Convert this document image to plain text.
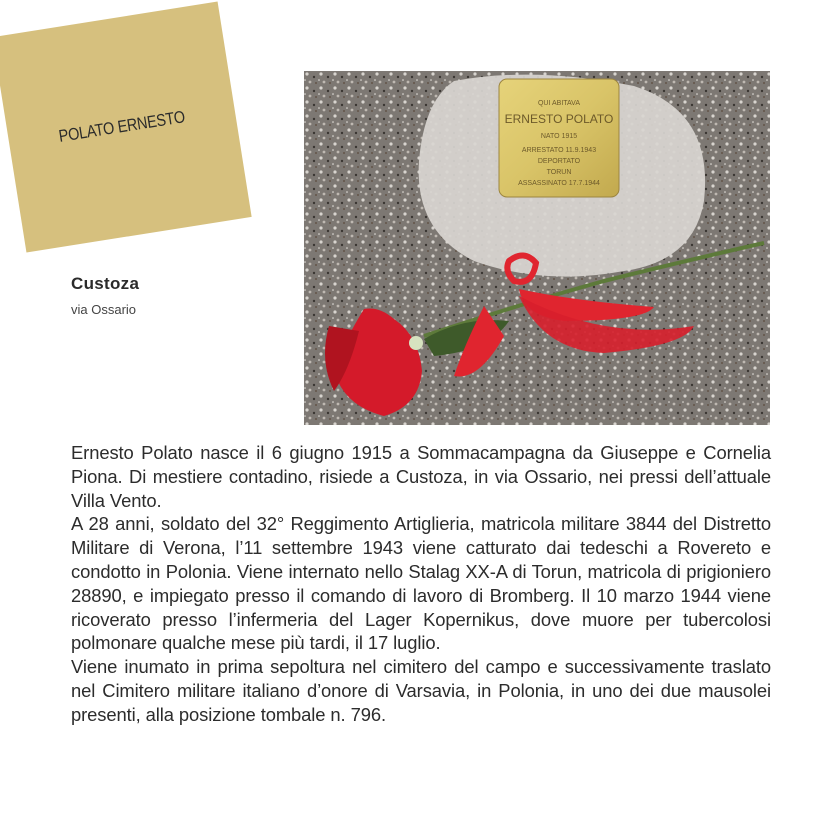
POLATO ERNESTO
Custoza
via Ossario
QUI ABITAVA
ERNESTO POLATO
NATO 1915
ARRESTATO 11.9.1943
DEPORTATO
TORUN
ASSASSINATO 17.7.1944

Ernesto Polato nasce il 6 giugno 1915 a Sommacampagna da Giuseppe e Cornelia Piona. Di mestiere contadino, risiede a Custoza, in via Ossario, nei pressi dell’attuale Villa Vento.

A 28 anni, soldato del 32° Reggimento Artiglieria, matricola militare 3844 del Distretto Militare di Verona, l’11 settembre 1943 viene catturato dai tedeschi a Rovereto e condotto in Polonia. Viene internato nello Stalag XX-A di Torun, matricola di prigioniero 28890, e impiegato presso il comando di lavoro di Bromberg. Il 10 marzo 1944 viene ricoverato presso l’infermeria del Lager Kopernikus, dove muore per tubercolosi polmonare qualche mese più tardi, il 17 luglio.

Viene inumato in prima sepoltura nel cimitero del campo e successivamente traslato nel Cimitero militare italiano d’onore di Varsavia, in Polonia, in uno dei due mausolei presenti, alla posizione tombale n. 796.
